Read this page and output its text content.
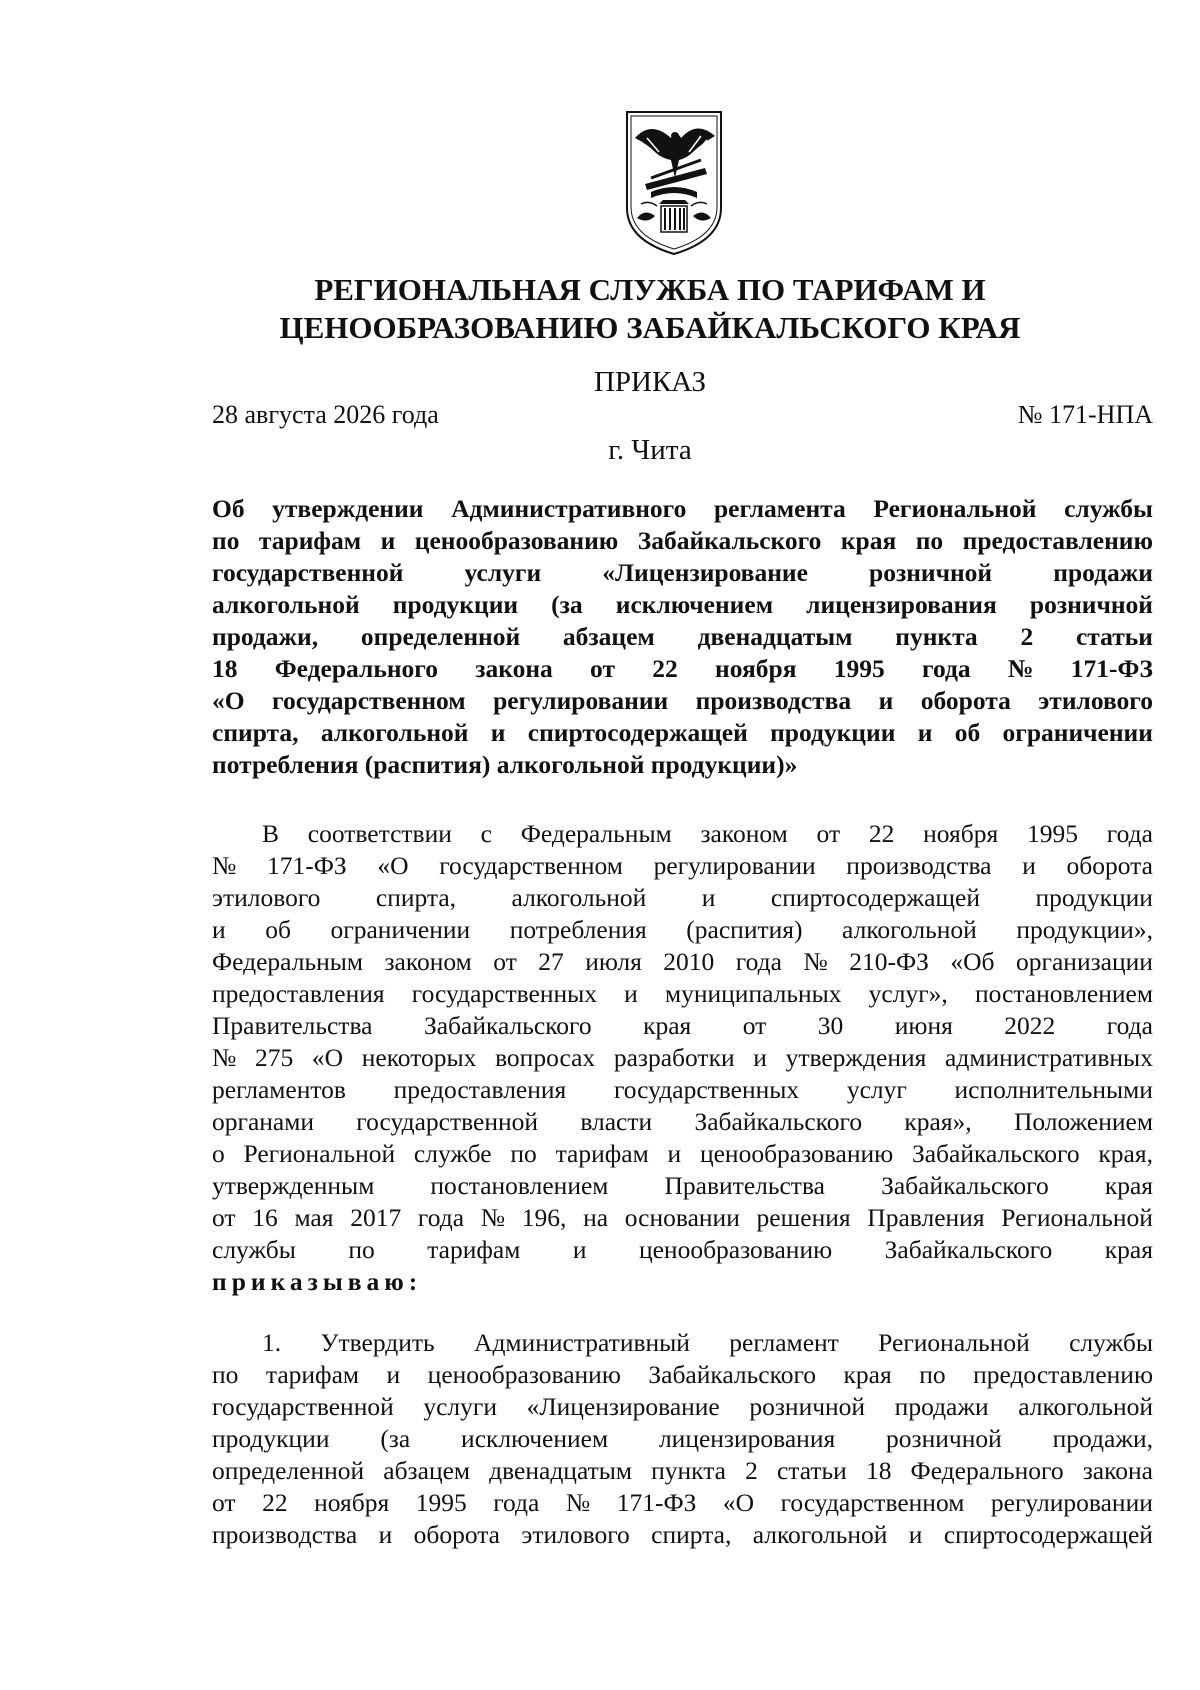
РЕГИОНАЛЬНАЯ СЛУЖБА ПО ТАРИФАМ И
ЦЕНООБРАЗОВАНИЮ ЗАБАЙКАЛЬСКОГО КРАЯ
ПРИКАЗ
28 августа 2026 года	№ 171-НПА
г. Чита
Об утверждении Административного регламента Региональной службы
по тарифам и ценообразованию Забайкальского края по предоставлению
государственной услуги «Лицензирование розничной продажи
алкогольной продукции (за исключением лицензирования розничной
продажи, определенной абзацем двенадцатым пункта 2 статьи
18 Федерального закона от 22 ноября 1995 года № 171-ФЗ
«О государственном регулировании производства и оборота этилового
спирта, алкогольной и спиртосодержащей продукции и об ограничении
потребления (распития) алкогольной продукции)»
В соответствии с Федеральным законом от 22 ноября 1995 года
№ 171-ФЗ «О государственном регулировании производства и оборота
этилового спирта, алкогольной и спиртосодержащей продукции
и об ограничении потребления (распития) алкогольной продукции»,
Федеральным законом от 27 июля 2010 года № 210-ФЗ «Об организации
предоставления государственных и муниципальных услуг», постановлением
Правительства Забайкальского края от 30 июня 2022 года
№ 275 «О некоторых вопросах разработки и утверждения административных
регламентов предоставления государственных услуг исполнительными
органами государственной власти Забайкальского края», Положением
о Региональной службе по тарифам и ценообразованию Забайкальского края,
утвержденным постановлением Правительства Забайкальского края
от 16 мая 2017 года № 196, на основании решения Правления Региональной
службы по тарифам и ценообразованию Забайкальского края
приказываю:
1. Утвердить Административный регламент Региональной службы
по тарифам и ценообразованию Забайкальского края по предоставлению
государственной услуги «Лицензирование розничной продажи алкогольной
продукции (за исключением лицензирования розничной продажи,
определенной абзацем двенадцатым пункта 2 статьи 18 Федерального закона
от 22 ноября 1995 года № 171-ФЗ «О государственном регулировании
производства и оборота этилового спирта, алкогольной и спиртосодержащей
